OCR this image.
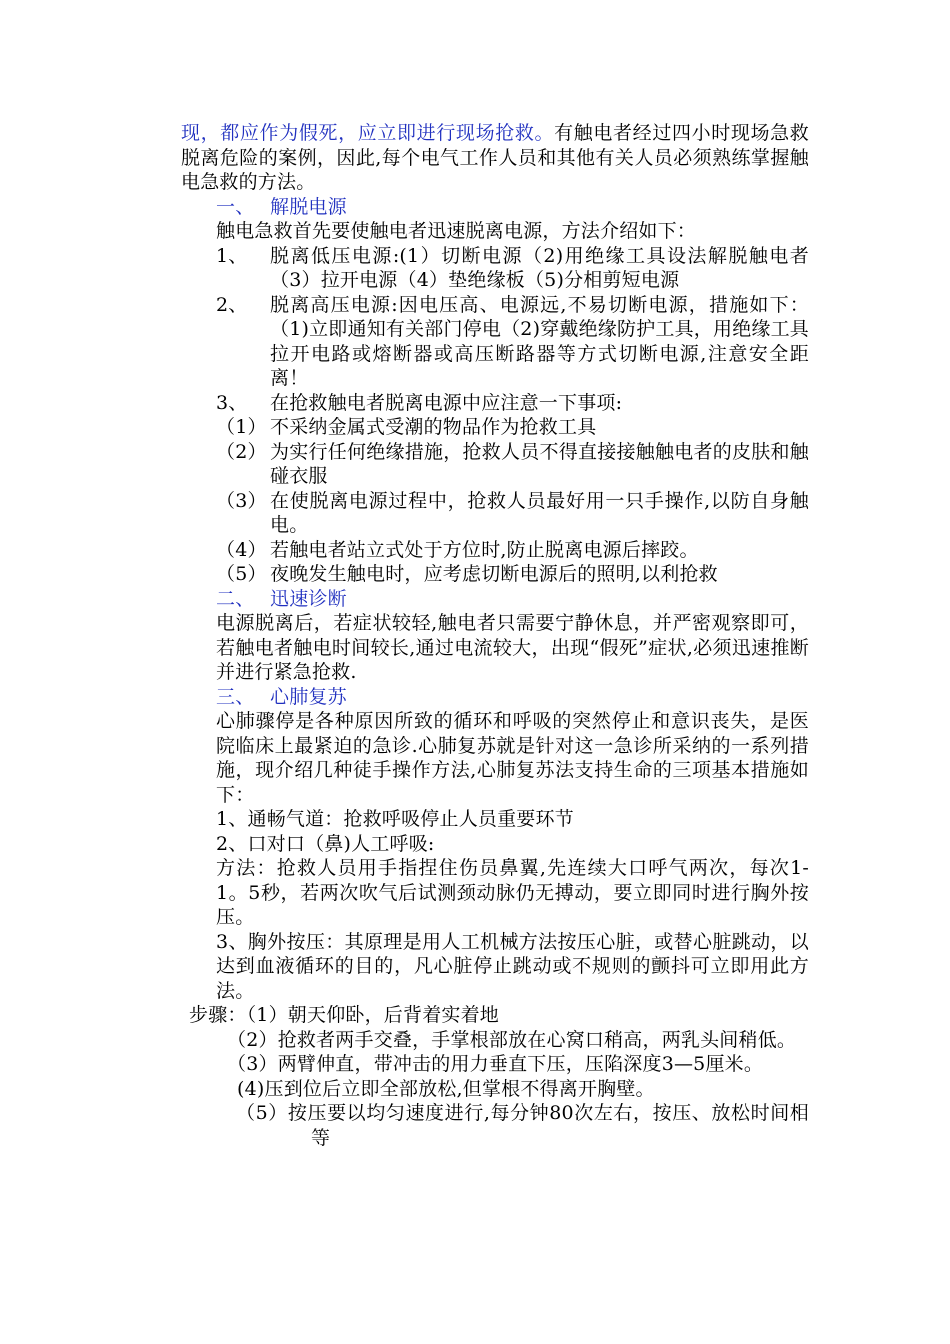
现，都应作为假死，应立即进行现场抢救。有触电者经过四小时现场急救脱离危险的案例，因此,每个电气工作人员和其他有关人员必须熟练掌握触电急救的方法。

一、 解脱电源

触电急救首先要使触电者迅速脱离电源，方法介绍如下：

1、	脱离低压电源:(1）切断电源（2)用绝缘工具设法解脱触电者（3）拉开电源（4）垫绝缘板（5)分相剪短电源
2、	脱离高压电源:因电压高、电源远,不易切断电源，措施如下：（1)立即通知有关部门停电（2)穿戴绝缘防护工具，用绝缘工具拉开电路或熔断器或高压断路器等方式切断电源,注意安全距离！
3、	在抢救触电者脱离电源中应注意一下事项:
（1） 不采纳金属式受潮的物品作为抢救工具
（2） 为实行任何绝缘措施，抢救人员不得直接接触触电者的皮肤和触碰衣服
（3） 在使脱离电源过程中，抢救人员最好用一只手操作,以防自身触电。
（4） 若触电者站立式处于方位时,防止脱离电源后摔跤。
（5） 夜晚发生触电时，应考虑切断电源后的照明,以利抢救
二、 迅速诊断

电源脱离后，若症状较轻,触电者只需要宁静休息，并严密观察即可，若触电者触电时间较长,通过电流较大，出现“假死”症状,必须迅速推断并进行紧急抢救.

三、 心肺复苏

心肺骤停是各种原因所致的循环和呼吸的突然停止和意识丧失，是医院临床上最紧迫的急诊.心肺复苏就是针对这一急诊所采纳的一系列措施，现介绍几种徒手操作方法,心肺复苏法支持生命的三项基本措施如下：

1、通畅气道：抢救呼吸停止人员重要环节

2、口对口（鼻)人工呼吸:

方法：抢救人员用手指捏住伤员鼻翼,先连续大口呼气两次，每次1-1。5秒，若两次吹气后试测颈动脉仍无搏动，要立即同时进行胸外按压。

3、胸外按压：其原理是用人工机械方法按压心脏，或替心脏跳动，以达到血液循环的目的，凡心脏停止跳动或不规则的颤抖可立即用此方法。

步骤：（1）朝天仰卧，后背着实着地

（2）抢救者两手交叠，手掌根部放在心窝口稍高，两乳头间稍低。

（3）两臂伸直，带冲击的用力垂直下压，压陷深度3—5厘米。

(4)压到位后立即全部放松,但掌根不得离开胸壁。

（5）按压要以均匀速度进行,每分钟80次左右，按压、放松时间相等
